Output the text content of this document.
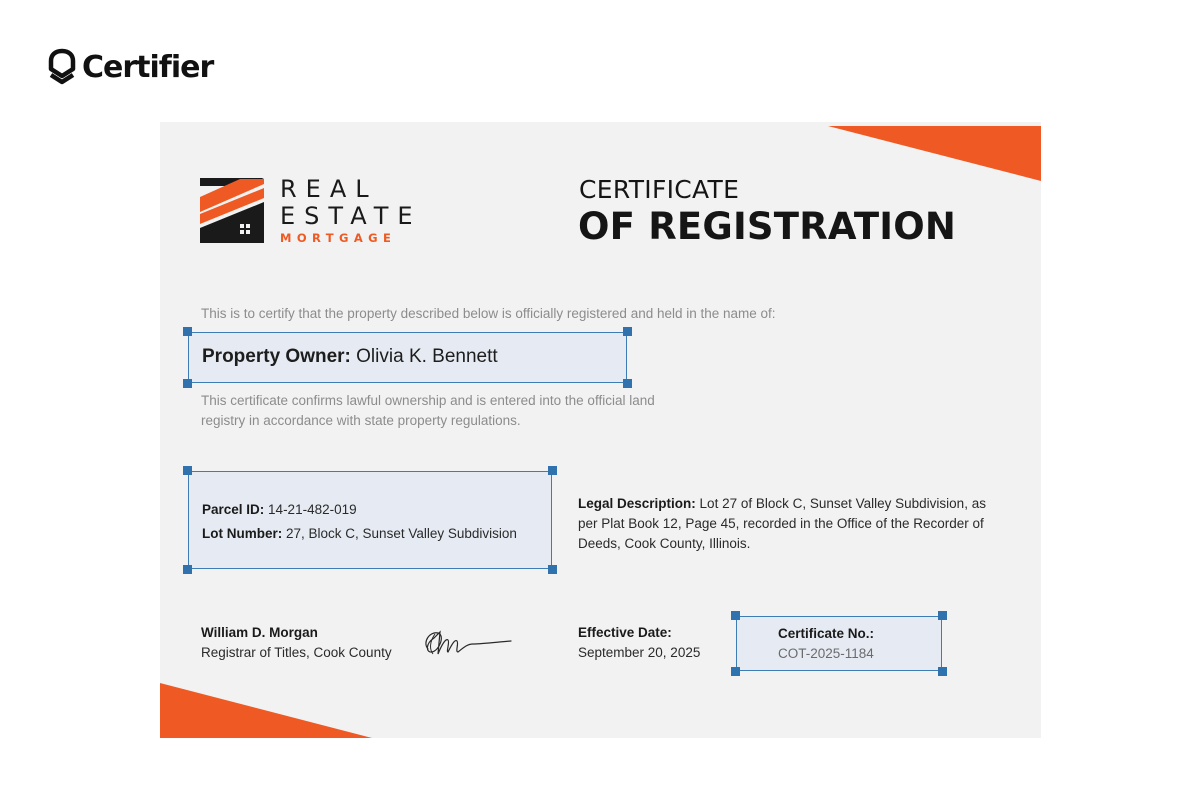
Certifier
REAL
ESTATE
MORTGAGE
CERTIFICATE
OF REGISTRATION
This is to certify that the property described below is officially registered and held in the name of:
Property Owner: Olivia K. Bennett
This certificate confirms lawful ownership and is entered into the official land registry in accordance with state property regulations.
Parcel ID: 14-21-482-019
Lot Number: 27, Block C, Sunset Valley Subdivision
Legal Description: Lot 27 of Block C, Sunset Valley Subdivision, as per Plat Book 12, Page 45, recorded in the Office of the Recorder of Deeds, Cook County, Illinois.
William D. Morgan
Registrar of Titles, Cook County
Effective Date:
September 20, 2025
Certificate No.:
COT-2025-1184
